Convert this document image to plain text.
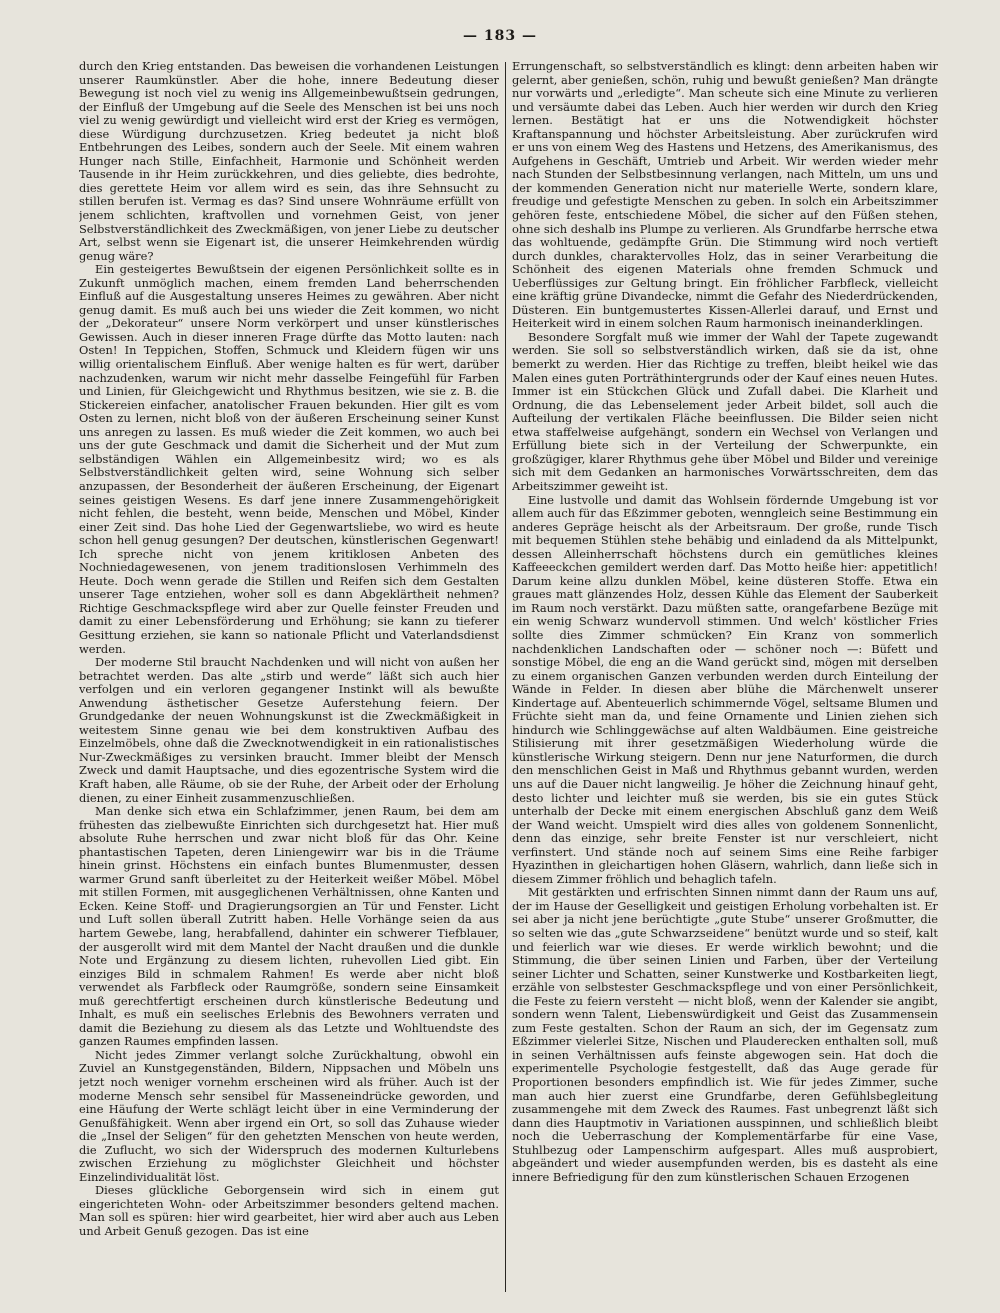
— 183 —

durch den Krieg entstanden. Das beweisen die vorhandenen Leistungen unserer Raumkünstler. Aber die hohe, innere Bedeutung dieser Bewegung ist noch viel zu wenig ins Allgemeinbewußtsein gedrungen, der Einfluß der Umgebung auf die Seele des Menschen ist bei uns noch viel zu wenig gewürdigt und vielleicht wird erst der Krieg es vermögen, diese Würdigung durchzusetzen. Krieg bedeutet ja nicht bloß Entbehrungen des Leibes, sondern auch der Seele. Mit einem wahren Hunger nach Stille, Einfachheit, Harmonie und Schönheit werden Tausende in ihr Heim zurückkehren, und dies geliebte, dies bedrohte, dies gerettete Heim vor allem wird es sein, das ihre Sehnsucht zu stillen berufen ist. Vermag es das? Sind unsere Wohnräume erfüllt von jenem schlichten, kraftvollen und vornehmen Geist, von jener Selbstverständlichkeit des Zweckmäßigen, von jener Liebe zu deutscher Art, selbst wenn sie Eigenart ist, die unserer Heimkehrenden würdig genug wäre?

Ein gesteigertes Bewußtsein der eigenen Persönlichkeit sollte es in Zukunft unmöglich machen, einem fremden Land beherrschenden Einfluß auf die Ausgestaltung unseres Heimes zu gewähren. Aber nicht genug damit. Es muß auch bei uns wieder die Zeit kommen, wo nicht der „Dekorateur“ unsere Norm verkörpert und unser künstlerisches Gewissen. Auch in dieser inneren Frage dürfte das Motto lauten: nach Osten! In Teppichen, Stoffen, Schmuck und Kleidern fügen wir uns willig orientalischem Einfluß. Aber wenige halten es für wert, darüber nachzudenken, warum wir nicht mehr dasselbe Feingefühl für Farben und Linien, für Gleichgewicht und Rhythmus besitzen, wie sie z. B. die Stickereien einfacher, anatolischer Frauen bekunden. Hier gilt es vom Osten zu lernen, nicht bloß von der äußeren Erscheinung seiner Kunst uns anregen zu lassen. Es muß wieder die Zeit kommen, wo auch bei uns der gute Geschmack und damit die Sicherheit und der Mut zum selbständigen Wählen ein Allgemeinbesitz wird; wo es als Selbstverständlichkeit gelten wird, seine Wohnung sich selber anzupassen, der Besonderheit der äußeren Erscheinung, der Eigenart seines geistigen Wesens. Es darf jene innere Zusammengehörigkeit nicht fehlen, die besteht, wenn beide, Menschen und Möbel, Kinder einer Zeit sind. Das hohe Lied der Gegenwartsliebe, wo wird es heute schon hell genug gesungen? Der deutschen, künstlerischen Gegenwart! Ich spreche nicht von jenem kritiklosen Anbeten des Nochniedagewesenen, von jenem traditionslosen Verhimmeln des Heute. Doch wenn gerade die Stillen und Reifen sich dem Gestalten unserer Tage entziehen, woher soll es dann Abgeklärtheit nehmen? Richtige Geschmackspflege wird aber zur Quelle feinster Freuden und damit zu einer Lebensförderung und Erhöhung; sie kann zu tieferer Gesittung erziehen, sie kann so nationale Pflicht und Vaterlandsdienst werden.

Der moderne Stil braucht Nachdenken und will nicht von außen her betrachtet werden. Das alte „stirb und werde“ läßt sich auch hier verfolgen und ein verloren gegangener Instinkt will als bewußte Anwendung ästhetischer Gesetze Auferstehung feiern. Der Grundgedanke der neuen Wohnungskunst ist die Zweckmäßigkeit in weitestem Sinne genau wie bei dem konstruktiven Aufbau des Einzelmöbels, ohne daß die Zwecknotwendigkeit in ein rationalistisches Nur-Zweckmäßiges zu versinken braucht. Immer bleibt der Mensch Zweck und damit Hauptsache, und dies egozentrische System wird die Kraft haben, alle Räume, ob sie der Ruhe, der Arbeit oder der Erholung dienen, zu einer Einheit zusammenzuschließen.

Man denke sich etwa ein Schlafzimmer, jenen Raum, bei dem am frühesten das zielbewußte Einrichten sich durchgesetzt hat. Hier muß absolute Ruhe herrschen und zwar nicht bloß für das Ohr. Keine phantastischen Tapeten, deren Liniengewirr war bis in die Träume hinein grinst. Höchstens ein einfach buntes Blumenmuster, dessen warmer Grund sanft überleitet zu der Heiterkeit weißer Möbel. Möbel mit stillen Formen, mit ausgeglichenen Verhältnissen, ohne Kanten und Ecken. Keine Stoff- und Dragierungsorgien an Tür und Fenster. Licht und Luft sollen überall Zutritt haben. Helle Vorhänge seien da aus hartem Gewebe, lang, herabfallend, dahinter ein schwerer Tiefblauer, der ausgerollt wird mit dem Mantel der Nacht draußen und die dunkle Note und Ergänzung zu diesem lichten, ruhevollen Lied gibt. Ein einziges Bild in schmalem Rahmen! Es werde aber nicht bloß verwendet als Farbfleck oder Raumgröße, sondern seine Einsamkeit muß gerechtfertigt erscheinen durch künstlerische Bedeutung und Inhalt, es muß ein seelisches Erlebnis des Bewohners verraten und damit die Beziehung zu diesem als das Letzte und Wohltuendste des ganzen Raumes empfinden lassen.

Nicht jedes Zimmer verlangt solche Zurückhaltung, obwohl ein Zuviel an Kunstgegenständen, Bildern, Nippsachen und Möbeln uns jetzt noch weniger vornehm erscheinen wird als früher. Auch ist der moderne Mensch sehr sensibel für Masseneindrücke geworden, und eine Häufung der Werte schlägt leicht über in eine Verminderung der Genußfähigkeit. Wenn aber irgend ein Ort, so soll das Zuhause wieder die „Insel der Seligen“ für den gehetzten Menschen von heute werden, die Zuflucht, wo sich der Widerspruch des modernen Kulturlebens zwischen Erziehung zu möglichster Gleichheit und höchster Einzelindividualität löst.

Dieses glückliche Geborgensein wird sich in einem gut eingerichteten Wohn- oder Arbeitszimmer besonders geltend machen. Man soll es spüren: hier wird gearbeitet, hier wird aber auch aus Leben und Arbeit Genuß gezogen. Das ist eine

Errungenschaft, so selbstverständlich es klingt: denn arbeiten haben wir gelernt, aber genießen, schön, ruhig und bewußt genießen? Man drängte nur vorwärts und „erledigte“. Man scheute sich eine Minute zu verlieren und versäumte dabei das Leben. Auch hier werden wir durch den Krieg lernen. Bestätigt hat er uns die Notwendigkeit höchster Kraftanspannung und höchster Arbeitsleistung. Aber zurückrufen wird er uns von einem Weg des Hastens und Hetzens, des Amerikanismus, des Aufgehens in Geschäft, Umtrieb und Arbeit. Wir werden wieder mehr nach Stunden der Selbstbesinnung verlangen, nach Mitteln, um uns und der kommenden Generation nicht nur materielle Werte, sondern klare, freudige und gefestigte Menschen zu geben. In solch ein Arbeitszimmer gehören feste, entschiedene Möbel, die sicher auf den Füßen stehen, ohne sich deshalb ins Plumpe zu verlieren. Als Grundfarbe herrsche etwa das wohltuende, gedämpfte Grün. Die Stimmung wird noch vertieft durch dunkles, charaktervolles Holz, das in seiner Verarbeitung die Schönheit des eigenen Materials ohne fremden Schmuck und Ueberflüssiges zur Geltung bringt. Ein fröhlicher Farbfleck, vielleicht eine kräftig grüne Divandecke, nimmt die Gefahr des Niederdrückenden, Düsteren. Ein buntgemustertes Kissen-Allerlei darauf, und Ernst und Heiterkeit wird in einem solchen Raum harmonisch ineinanderklingen.

Besondere Sorgfalt muß wie immer der Wahl der Tapete zugewandt werden. Sie soll so selbstverständlich wirken, daß sie da ist, ohne bemerkt zu werden. Hier das Richtige zu treffen, bleibt heikel wie das Malen eines guten Porträthintergrunds oder der Kauf eines neuen Hutes. Immer ist ein Stückchen Glück und Zufall dabei. Die Klarheit und Ordnung, die das Lebenselement jeder Arbeit bildet, soll auch die Aufteilung der vertikalen Fläche beeinflussen. Die Bilder seien nicht etwa staffelweise aufgehängt, sondern ein Wechsel von Verlangen und Erfüllung biete sich in der Verteilung der Schwerpunkte, ein großzügiger, klarer Rhythmus gehe über Möbel und Bilder und vereinige sich mit dem Gedanken an harmonisches Vorwärtsschreiten, dem das Arbeitszimmer geweiht ist.

Eine lustvolle und damit das Wohlsein fördernde Umgebung ist vor allem auch für das Eßzimmer geboten, wenngleich seine Bestimmung ein anderes Gepräge heischt als der Arbeitsraum. Der große, runde Tisch mit bequemen Stühlen stehe behäbig und einladend da als Mittelpunkt, dessen Alleinherrschaft höchstens durch ein gemütliches kleines Kaffeeeckchen gemildert werden darf. Das Motto heiße hier: appetitlich! Darum keine allzu dunklen Möbel, keine düsteren Stoffe. Etwa ein graues matt glänzendes Holz, dessen Kühle das Element der Sauberkeit im Raum noch verstärkt. Dazu müßten satte, orangefarbene Bezüge mit ein wenig Schwarz wundervoll stimmen. Und welch' köstlicher Fries sollte dies Zimmer schmücken? Ein Kranz von sommerlich nachdenklichen Landschaften oder — schöner noch —: Büfett und sonstige Möbel, die eng an die Wand gerückt sind, mögen mit derselben zu einem organischen Ganzen verbunden werden durch Einteilung der Wände in Felder. In diesen aber blühe die Märchenwelt unserer Kindertage auf. Abenteuerlich schimmernde Vögel, seltsame Blumen und Früchte sieht man da, und feine Ornamente und Linien ziehen sich hindurch wie Schlinggewächse auf alten Waldbäumen. Eine geistreiche Stilisierung mit ihrer gesetzmäßigen Wiederholung würde die künstlerische Wirkung steigern. Denn nur jene Naturformen, die durch den menschlichen Geist in Maß und Rhythmus gebannt wurden, werden uns auf die Dauer nicht langweilig. Je höher die Zeichnung hinauf geht, desto lichter und leichter muß sie werden, bis sie ein gutes Stück unterhalb der Decke mit einem energischen Abschluß ganz dem Weiß der Wand weicht. Umspielt wird dies alles von goldenem Sonnenlicht, denn das einzige, sehr breite Fenster ist nur verschleiert, nicht verfinstert. Und stände noch auf seinem Sims eine Reihe farbiger Hyazinthen in gleichartigen hohen Gläsern, wahrlich, dann ließe sich in diesem Zimmer fröhlich und behaglich tafeln.

Mit gestärkten und erfrischten Sinnen nimmt dann der Raum uns auf, der im Hause der Geselligkeit und geistigen Erholung vorbehalten ist. Er sei aber ja nicht jene berüchtigte „gute Stube“ unserer Großmutter, die so selten wie das „gute Schwarzseidene“ benützt wurde und so steif, kalt und feierlich war wie dieses. Er werde wirklich bewohnt; und die Stimmung, die über seinen Linien und Farben, über der Verteilung seiner Lichter und Schatten, seiner Kunstwerke und Kostbarkeiten liegt, erzähle von selbstester Geschmackspflege und von einer Persönlichkeit, die Feste zu feiern versteht — nicht bloß, wenn der Kalender sie angibt, sondern wenn Talent, Liebenswürdigkeit und Geist das Zusammensein zum Feste gestalten. Schon der Raum an sich, der im Gegensatz zum Eßzimmer vielerlei Sitze, Nischen und Plauderecken enthalten soll, muß in seinen Verhältnissen aufs feinste abgewogen sein. Hat doch die experimentelle Psychologie festgestellt, daß das Auge gerade für Proportionen besonders empfindlich ist. Wie für jedes Zimmer, suche man auch hier zuerst eine Grundfarbe, deren Gefühlsbegleitung zusammengehe mit dem Zweck des Raumes. Fast unbegrenzt läßt sich dann dies Hauptmotiv in Variationen ausspinnen, und schließlich bleibt noch die Ueberraschung der Komplementärfarbe für eine Vase, Stuhlbezug oder Lampenschirm aufgespart. Alles muß ausprobiert, abgeändert und wieder ausempfunden werden, bis es dasteht als eine innere Befriedigung für den zum künstlerischen Schauen Erzogenen
